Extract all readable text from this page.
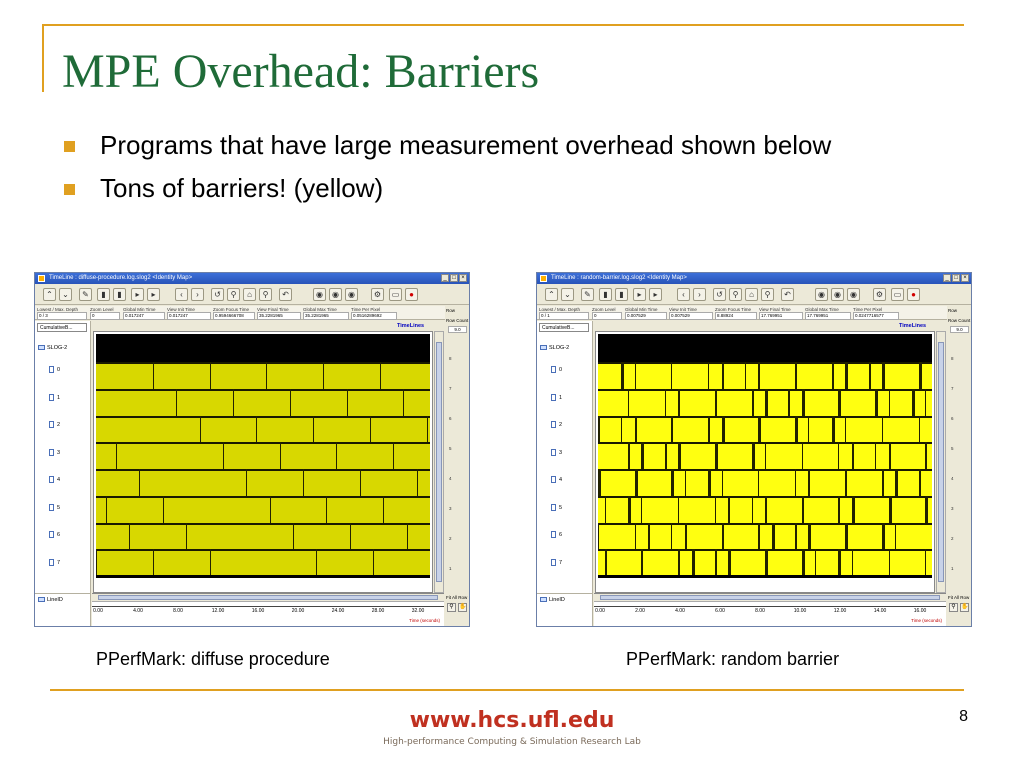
MPE Overhead: Barriers
Programs that have large measurement overhead shown below
Tons of barriers! (yellow)
TimeLine : diffuse-procedure.log.slog2 <Identity Map>	_ □ ×
⌃	⌄	✎	▮	▮	▸	▸	‹	›	↺	⚲	⌂	⚲	↶	◉	◉	◉	⚙	▭	●
Lowest / Max. Depth
0 / 3
Zoom Level
0
Global Min Time
0.017247
View Init Time
0.017247
Zoom Focus Time
0.9594666708
View Final Time
35.2281965
Global Max Time
35.2281965
Time Per Pixel
0.0516289692
CumulativeB...
SLOG-2
0
1
2
3
4
5
6
7
TimeLines
Row
Row Count
9.0
8
7
6
5
4
3
2
1
LineID
0.00	4.00	8.00	12.00	16.00	20.00	24.00	28.00	32.00
Time (seconds)
Fit All Row
⚲ ✋
TimeLine : random-barrier.log.slog2 <Identity Map>	_ □ ×
⌃	⌄	✎	▮	▮	▸	▸	‹	›	↺	⚲	⌂	⚲	↶	◉	◉	◉	⚙	▭	●
Lowest / Max. Depth
0 / 1
Zoom Level
0
Global Min Time
0.007529
View Init Time
0.007529
Zoom Focus Time
8.88924
View Final Time
17.769951
Global Max Time
17.769951
Time Per Pixel
0.0247716577
CumulativeB...
SLOG-2
0
1
2
3
4
5
6
7
TimeLines
Row
Row Count
9.0
8
7
6
5
4
3
2
1
LineID
0.00	2.00	4.00	6.00	8.00	10.00	12.00	14.00	16.00
Time (seconds)
Fit All Row
⚲ ✋
PPerfMark: diffuse procedure	PPerfMark: random barrier
www.hcs.ufl.edu
High-performance Computing & Simulation Research Lab
8
